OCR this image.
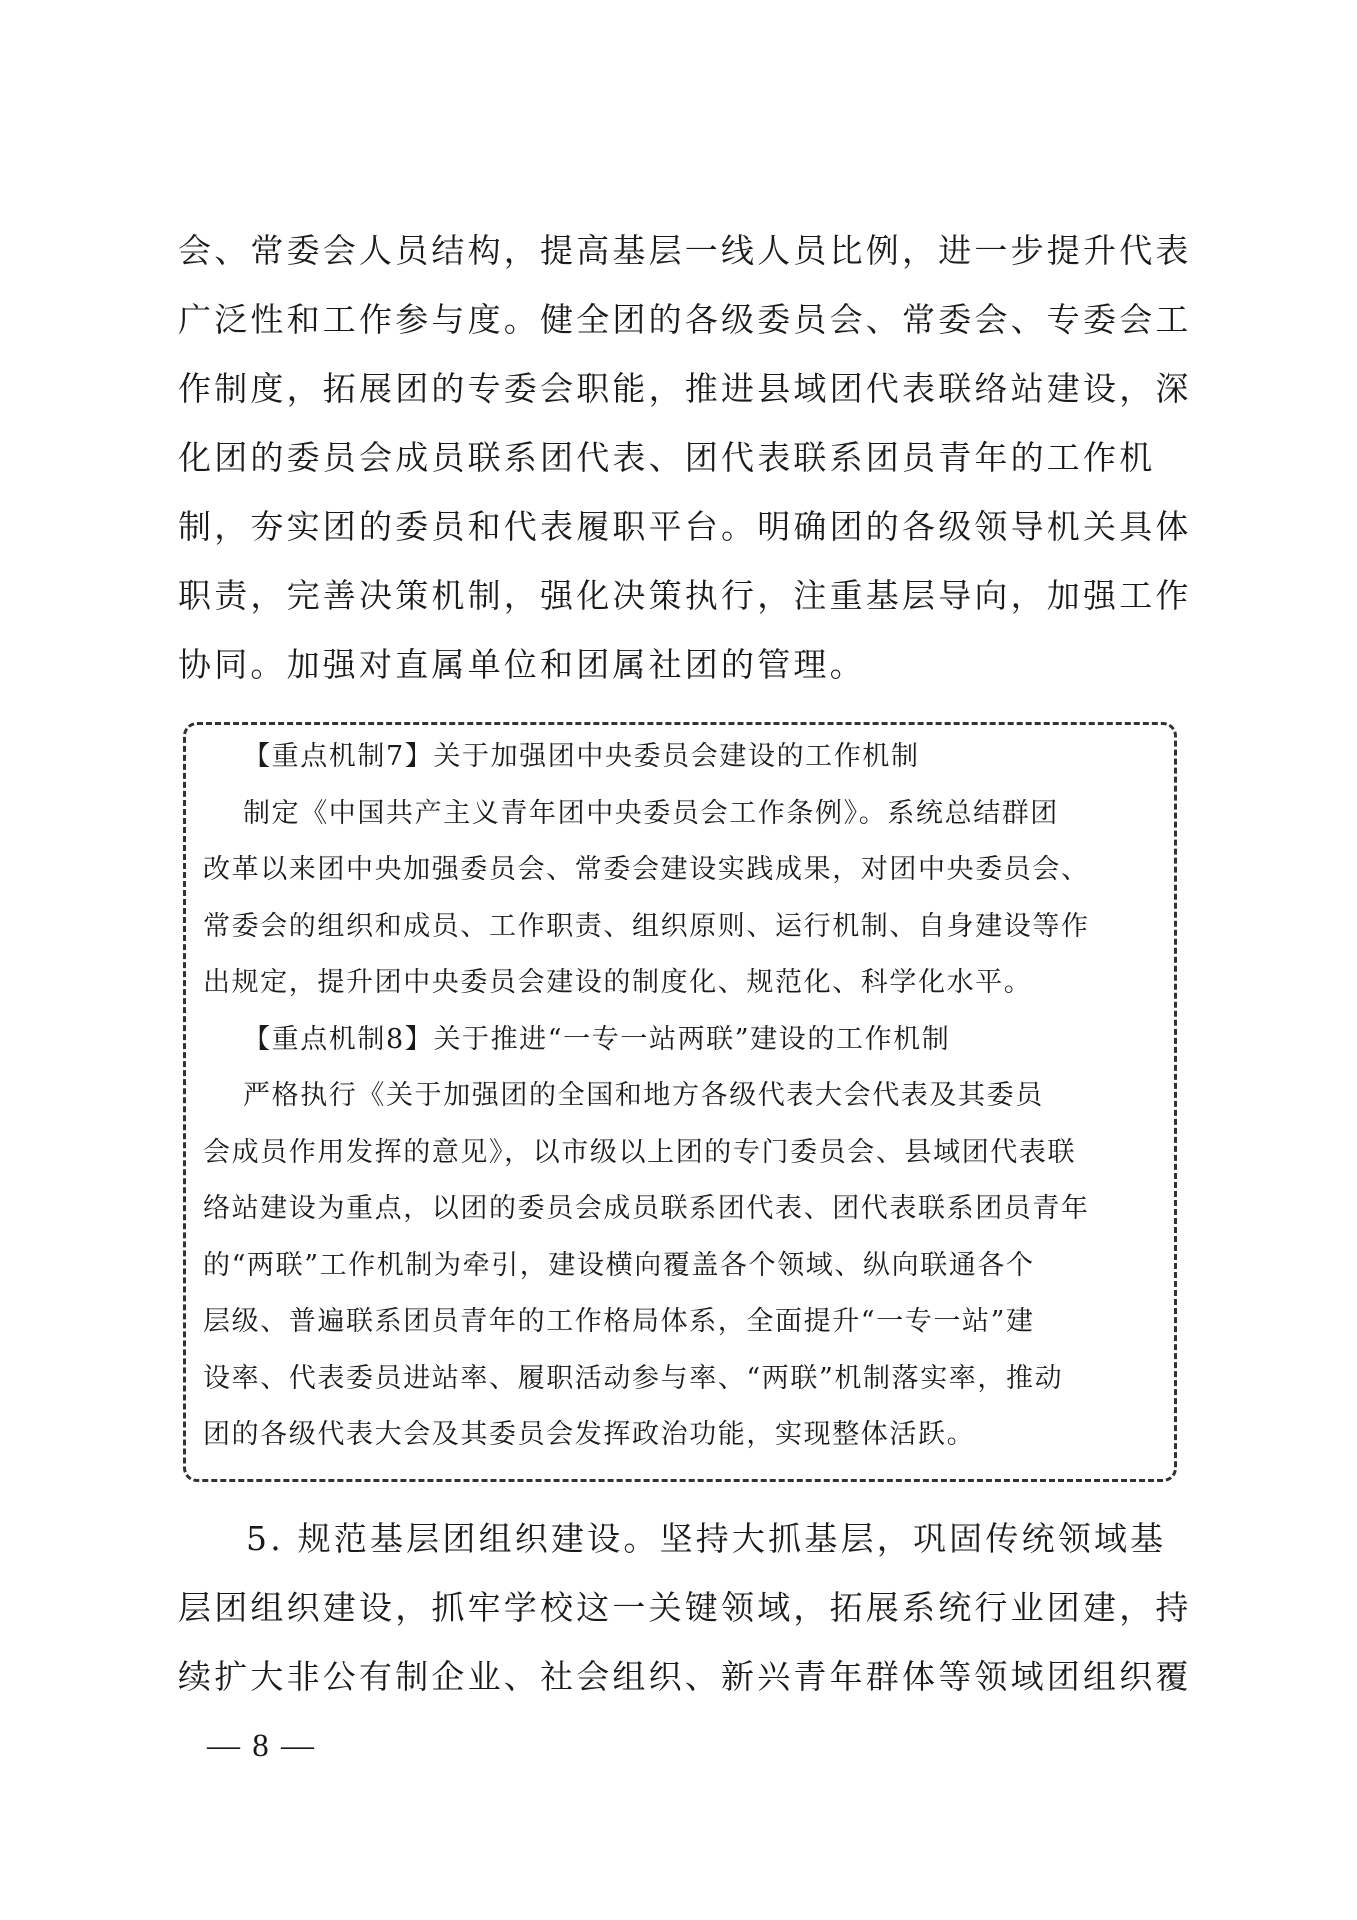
会、常委会人员结构，提高基层一线人员比例，进一步提升代表
广泛性和工作参与度。健全团的各级委员会、常委会、专委会工
作制度，拓展团的专委会职能，推进县域团代表联络站建设，深
化团的委员会成员联系团代表、团代表联系团员青年的工作机
制，夯实团的委员和代表履职平台。明确团的各级领导机关具体
职责，完善决策机制，强化决策执行，注重基层导向，加强工作
协同。加强对直属单位和团属社团的管理。
【重点机制7】关于加强团中央委员会建设的工作机制
制定《中国共产主义青年团中央委员会工作条例》。系统总结群团
改革以来团中央加强委员会、常委会建设实践成果，对团中央委员会、
常委会的组织和成员、工作职责、组织原则、运行机制、自身建设等作
出规定，提升团中央委员会建设的制度化、规范化、科学化水平。
【重点机制8】关于推进“一专一站两联”建设的工作机制
严格执行《关于加强团的全国和地方各级代表大会代表及其委员
会成员作用发挥的意见》，以市级以上团的专门委员会、县域团代表联
络站建设为重点，以团的委员会成员联系团代表、团代表联系团员青年
的“两联”工作机制为牵引，建设横向覆盖各个领域、纵向联通各个
层级、普遍联系团员青年的工作格局体系，全面提升“一专一站”建
设率、代表委员进站率、履职活动参与率、“两联”机制落实率，推动
团的各级代表大会及其委员会发挥政治功能，实现整体活跃。
5. 规范基层团组织建设。坚持大抓基层，巩固传统领域基
层团组织建设，抓牢学校这一关键领域，拓展系统行业团建，持
续扩大非公有制企业、社会组织、新兴青年群体等领域团组织覆
— 8 —
